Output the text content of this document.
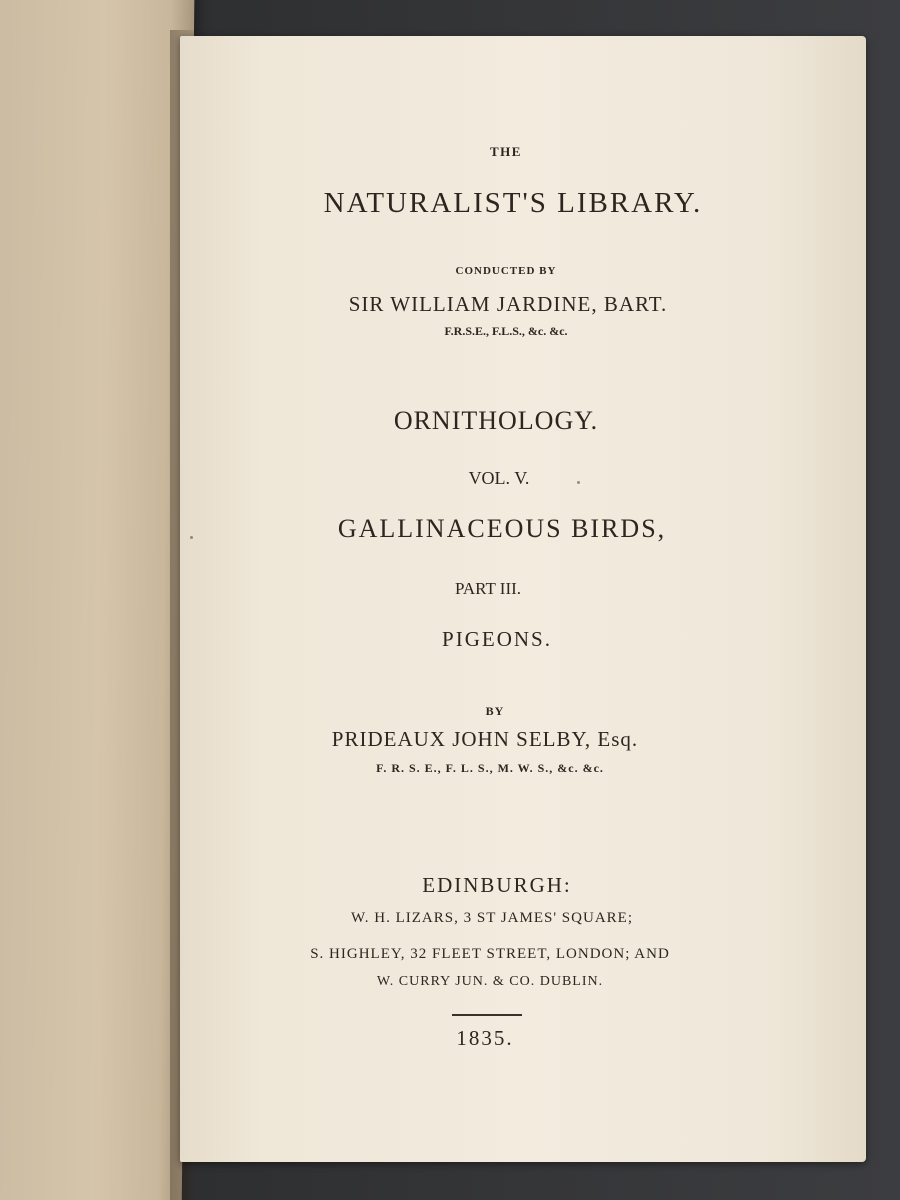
THE

NATURALIST'S LIBRARY.

CONDUCTED BY

SIR WILLIAM JARDINE, BART.

F.R.S.E., F.L.S., &c. &c.

ORNITHOLOGY.

VOL. V.

GALLINACEOUS BIRDS,

PART III.

PIGEONS.

BY

PRIDEAUX JOHN SELBY, Esq.

F. R. S. E., F. L. S., M. W. S., &c. &c.

EDINBURGH:

W. H. LIZARS, 3 ST JAMES' SQUARE;

S. HIGHLEY, 32 FLEET STREET, LONDON; AND

W. CURRY JUN. & CO. DUBLIN.

1835.
